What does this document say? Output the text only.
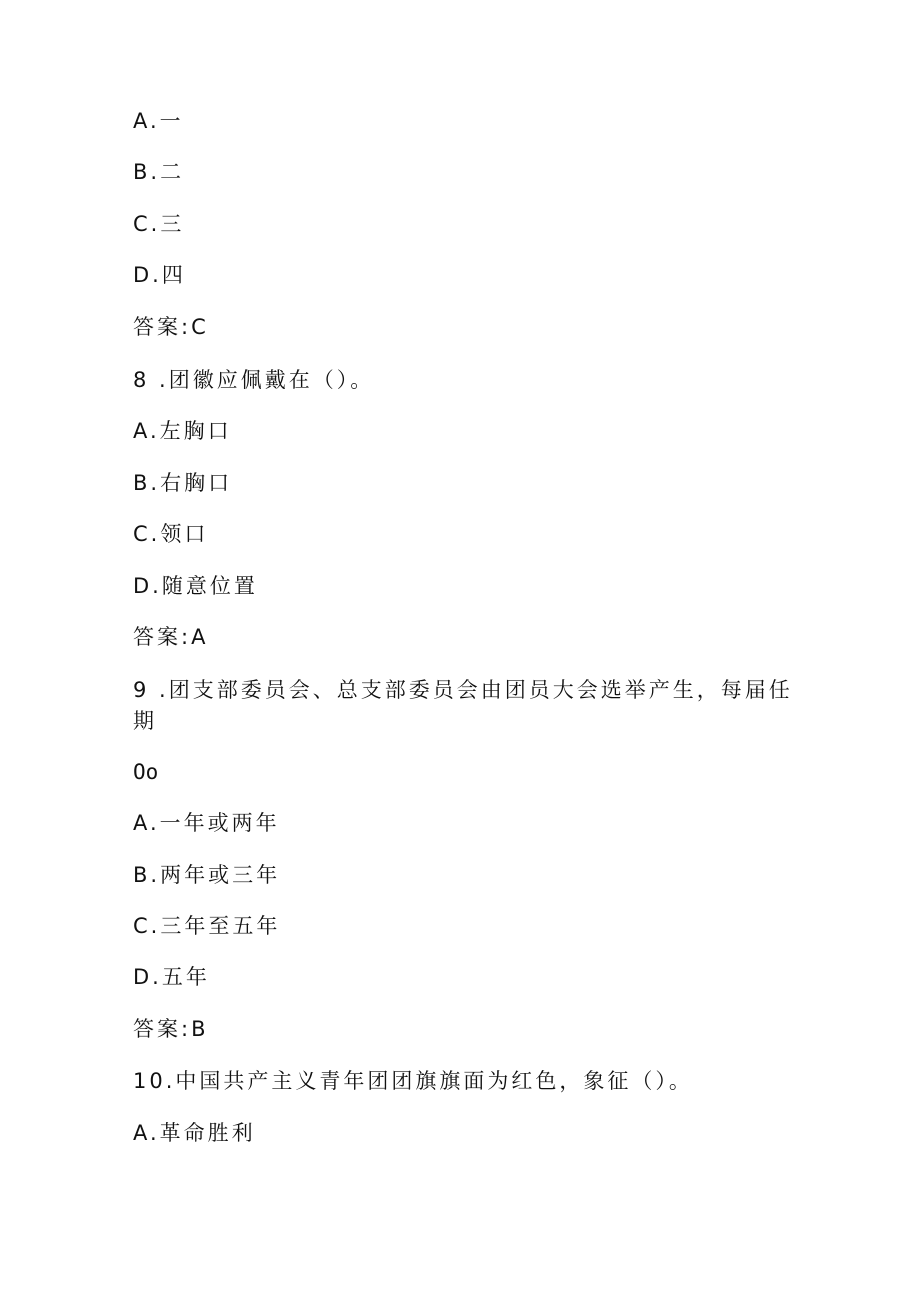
A.一
B.二
C.三
D.四
答案:C
8 .团徽应佩戴在（）。
A.左胸口
B.右胸口
C.领口
D.随意位置
答案:A
9 .团支部委员会、总支部委员会由团员大会选举产生，每届任
期
Oo
A.一年或两年
B.两年或三年
C.三年至五年
D.五年
答案:B
10.中国共产主义青年团团旗旗面为红色，象征（）。
A.革命胜利
